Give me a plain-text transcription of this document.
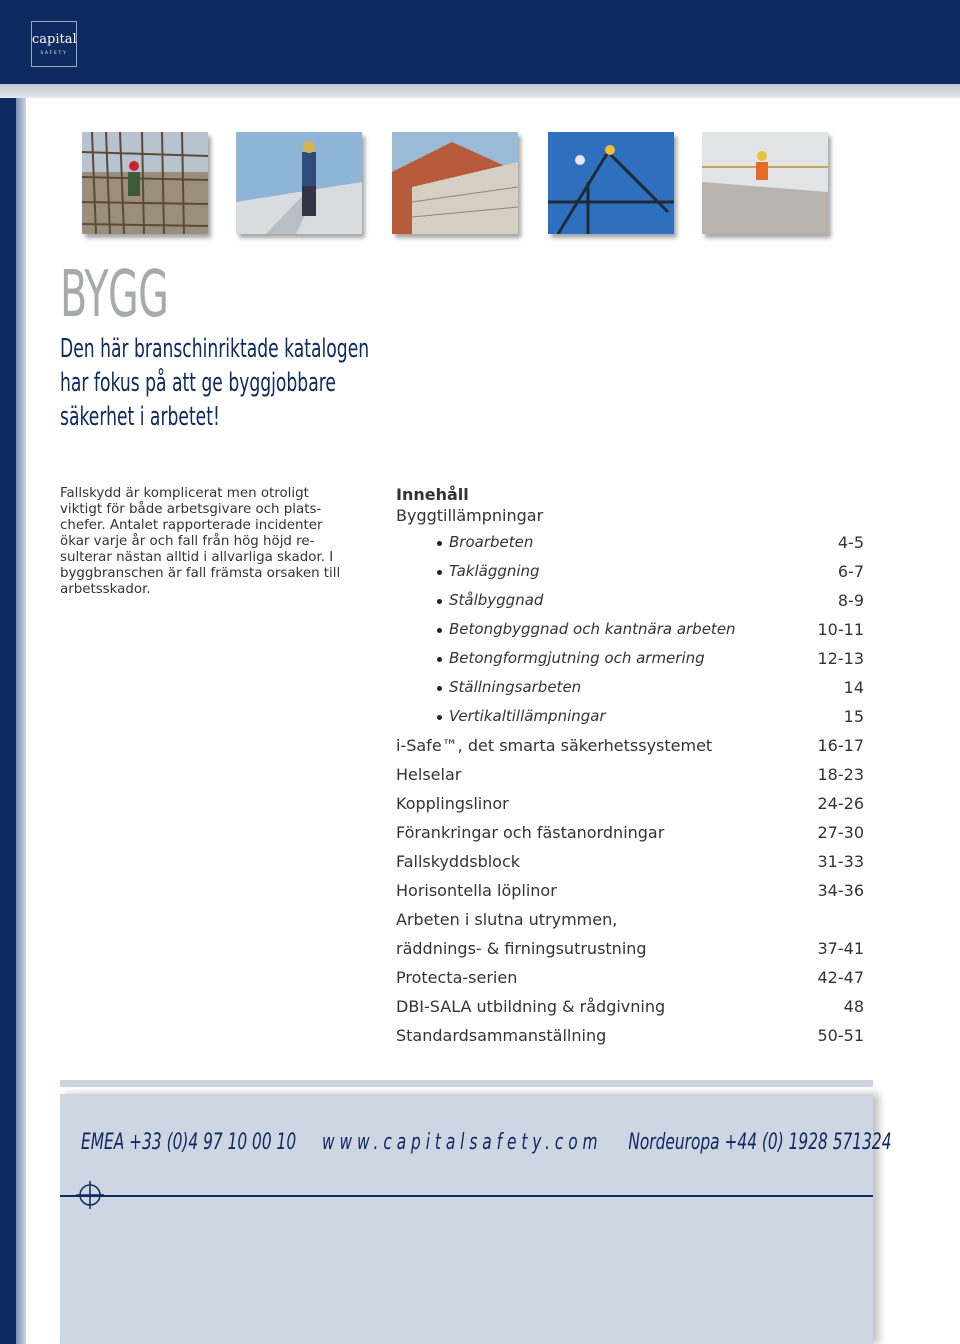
capital
SAFETY
BYGG
Den här branschinriktade katalogen
har fokus på att ge byggjobbare
säkerhet i arbetet!
Fallskydd är komplicerat men otroligt
viktigt för både arbetsgivare och plats-
chefer. Antalet rapporterade incidenter
ökar varje år och fall från hög höjd re-
sulterar nästan alltid i allvarliga skador. I
byggbranschen är fall främsta orsaken till
arbetsskador.
Innehåll
Byggtillämpningar
Broarbeten	4-5
Takläggning	6-7
Stålbyggnad	8-9
Betongbyggnad och kantnära arbeten	10-11
Betongformgjutning och armering	12-13
Ställningsarbeten	14
Vertikaltillämpningar	15
i-Safe™, det smarta säkerhetssystemet	16-17
Helselar	18-23
Kopplingslinor	24-26
Förankringar och fästanordningar	27-30
Fallskyddsblock	31-33
Horisontella löplinor	34-36
Arbeten i slutna utrymmen,
räddnings- & firningsutrustning	37-41
Protecta-serien	42-47
DBI-SALA utbildning & rådgivning	48
Standardsammanställning	50-51
EMEA +33 (0)4 97 10 00 10 www.capitalsafety.com Nordeuropa +44 (0) 1928 571324
2
